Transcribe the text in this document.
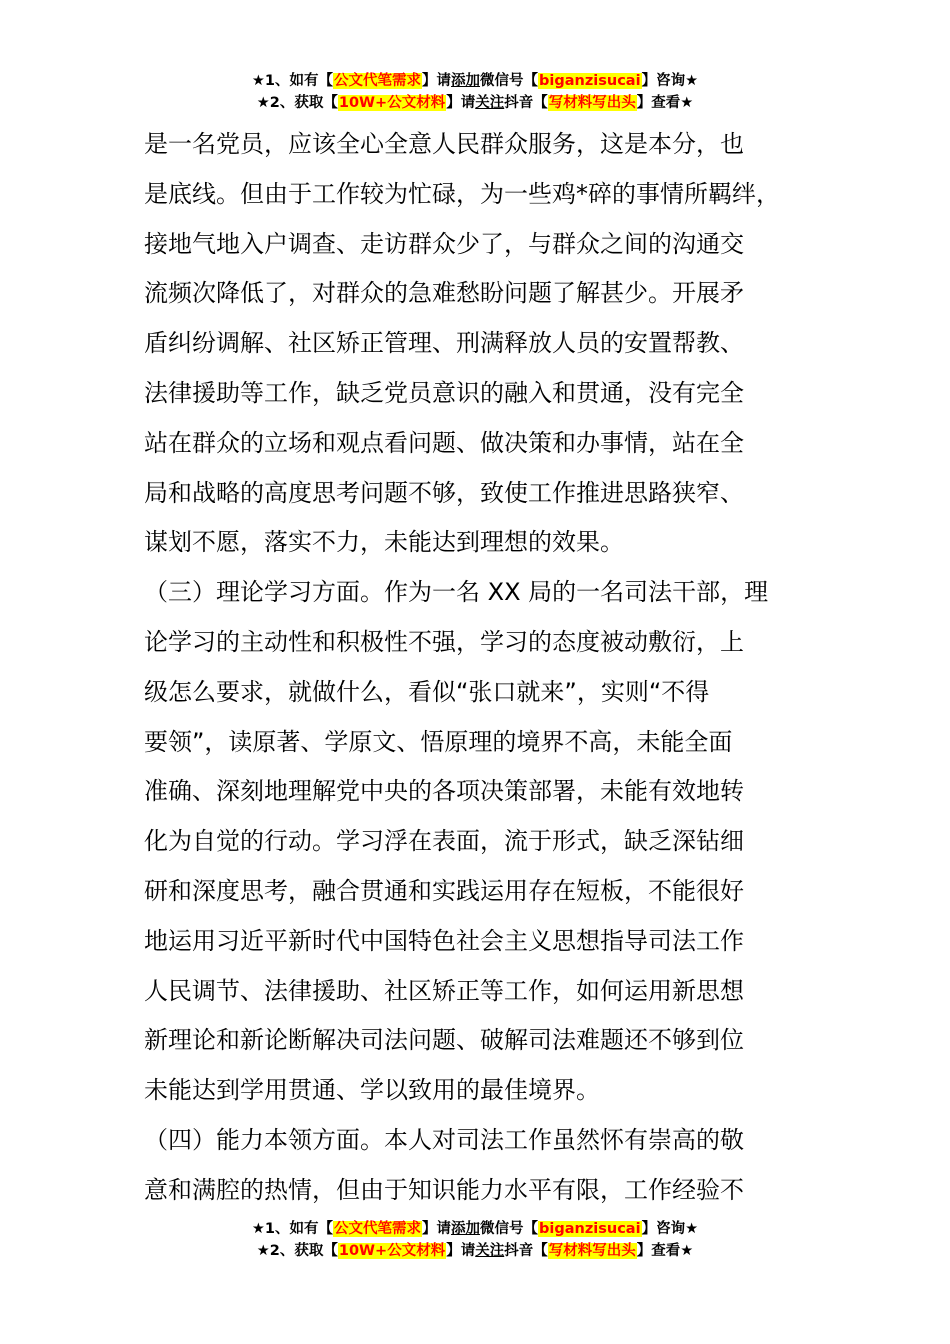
★1、如有【公文代笔需求】请添加微信号【biganzisucai】咨询★
★2、获取【10W+公文材料】请关注抖音【写材料写出头】查看★
是一名党员，应该全心全意人民群众服务，这是本分，也
是底线。但由于工作较为忙碌，为一些鸡*碎的事情所羁绊，
接地气地入户调查、走访群众少了，与群众之间的沟通交
流频次降低了，对群众的急难愁盼问题了解甚少。开展矛
盾纠纷调解、社区矫正管理、刑满释放人员的安置帮教、
法律援助等工作，缺乏党员意识的融入和贯通，没有完全
站在群众的立场和观点看问题、做决策和办事情，站在全
局和战略的高度思考问题不够，致使工作推进思路狭窄、
谋划不愿，落实不力，未能达到理想的效果。
（三）理论学习方面。作为一名 XX 局的一名司法干部，理
论学习的主动性和积极性不强，学习的态度被动敷衍，上
级怎么要求，就做什么，看似“张口就来”，实则“不得
要领”，读原著、学原文、悟原理的境界不高，未能全面
准确、深刻地理解党中央的各项决策部署，未能有效地转
化为自觉的行动。学习浮在表面，流于形式，缺乏深钻细
研和深度思考，融合贯通和实践运用存在短板，不能很好
地运用习近平新时代中国特色社会主义思想指导司法工作
人民调节、法律援助、社区矫正等工作，如何运用新思想
新理论和新论断解决司法问题、破解司法难题还不够到位
未能达到学用贯通、学以致用的最佳境界。
（四）能力本领方面。本人对司法工作虽然怀有崇高的敬
意和满腔的热情，但由于知识能力水平有限，工作经验不
★1、如有【公文代笔需求】请添加微信号【biganzisucai】咨询★
★2、获取【10W+公文材料】请关注抖音【写材料写出头】查看★
